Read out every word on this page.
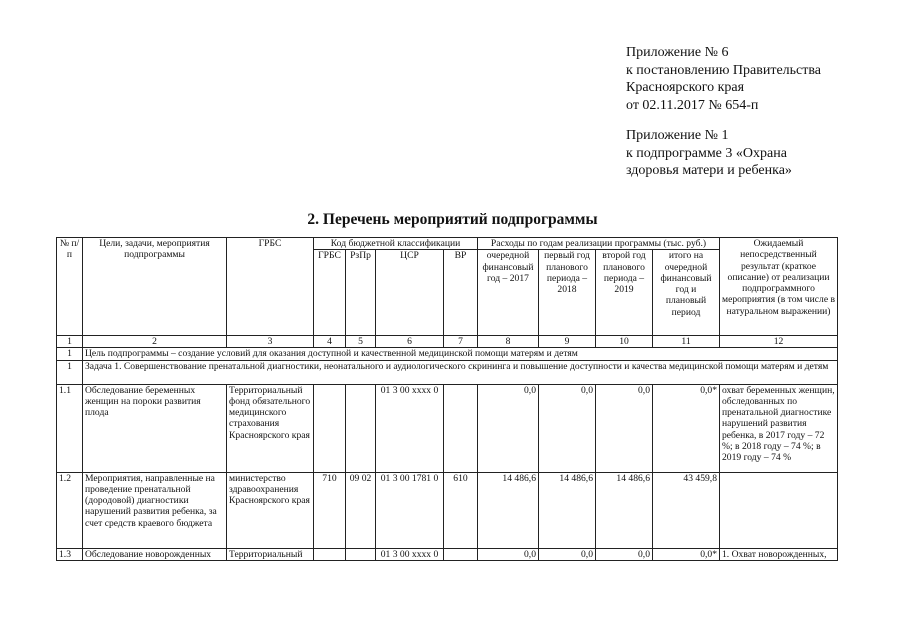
Приложение № 6
к постановлению Правительства
Красноярского края
от 02.11.2017 № 654-п
Приложение № 1
к подпрограмме 3 «Охрана
здоровья матери и ребенка»
2. Перечень мероприятий подпрограммы
№ п/п	Цели, задачи, мероприятия подпрограммы	ГРБС	Код бюджетной классификации				Расходы по годам реализации программы (тыс. руб.)				Ожидаемый непосредственный результат (краткое описание) от реализации подпрограммного мероприятия (в том числе в натуральном выражении)
			ГРБС	РзПр	ЦСР	ВР	очередной финансовый год – 2017	первый год планового периода – 2018	второй год планового периода – 2019	итого на очередной финансовый год и плановый период	
1	2	3	4	5	6	7	8	9	10	11	12
1	Цель подпрограммы – создание условий для оказания доступной и качественной медицинской помощи матерям и детям										
1	Задача 1. Совершенствование пренатальной диагностики, неонатального и аудиологического скрининга и повышение доступности и качества медицинской помощи матерям и детям										
1.1	Обследование беременных женщин на пороки развития плода	Территориальный фонд обязательного медицинского страхования Красноярского края			01 3 00 xxxx 0		0,0	0,0	0,0	0,0*	охват беременных женщин, обследованных по пренатальной диагностике нарушений развития ребенка, в 2017 году – 72 %; в 2018 году – 74 %; в 2019 году – 74 %
1.2	Мероприятия, направленные на проведение пренатальной (дородовой) диагностики нарушений развития ребенка, за счет средств краевого бюджета	министерство здравоохранения Красноярского края	710	09 02	01 3 00 1781 0	610	14 486,6	14 486,6	14 486,6	43 459,8	
1.3	Обследование новорожденных	Территориальный			01 3 00 xxxx 0		0,0	0,0	0,0	0,0*	1. Охват новорожденных,
